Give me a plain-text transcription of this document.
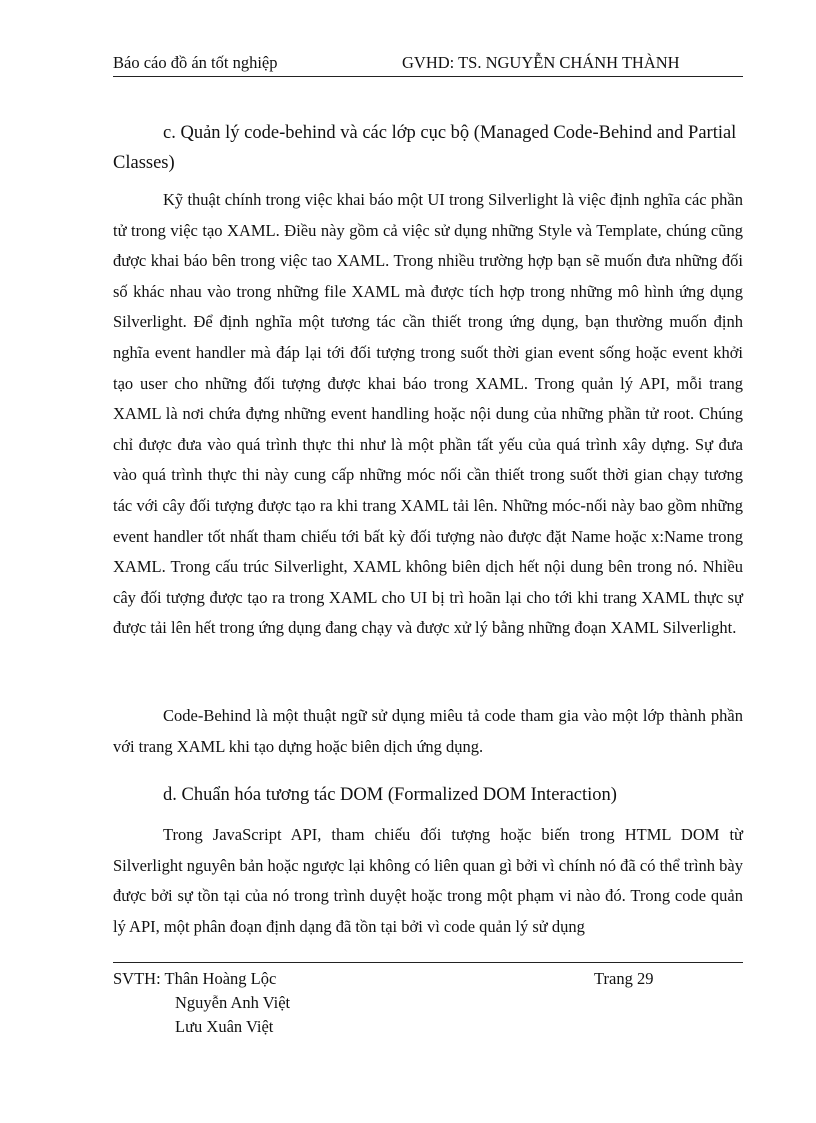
Báo cáo đồ án tốt nghiệp	GVHD: TS. NGUYỄN CHÁNH THÀNH
c. Quản lý code-behind và các lớp cục bộ (Managed Code-Behind and Partial
Classes)

Kỹ thuật chính trong việc khai báo một UI trong Silverlight là việc định nghĩa các phần tử trong việc tạo XAML. Điều này gồm cả việc sử dụng những Style và Template, chúng cũng được khai báo bên trong việc tao XAML. Trong nhiều trường hợp bạn sẽ muốn đưa những đối số khác nhau vào trong những file XAML mà được tích hợp trong những mô hình ứng dụng Silverlight. Để định nghĩa một tương tác cần thiết trong ứng dụng, bạn thường muốn định nghĩa event handler mà đáp lại tới đối tượng trong suốt thời gian event sống hoặc event khởi tạo user cho những đối tượng được khai báo trong XAML. Trong quản lý API, mỗi trang XAML là nơi chứa đựng những event handling hoặc nội dung của những phần tử root. Chúng chỉ được đưa vào quá trình thực thi như là một phần tất yếu của quá trình xây dựng. Sự đưa vào quá trình thực thi này cung cấp những móc nối cần thiết trong suốt thời gian chạy tương tác với cây đối tượng được tạo ra khi trang XAML tải lên. Những móc-nối này bao gồm những event handler tốt nhất tham chiếu tới bất kỳ đối tượng nào được đặt Name hoặc x:Name trong XAML. Trong cấu trúc Silverlight, XAML không biên dịch hết nội dung bên trong nó. Nhiều cây đối tượng được tạo ra trong XAML cho UI bị trì hoãn lại cho tới khi trang XAML thực sự được tải lên hết trong ứng dụng đang chạy và được xử lý bằng những đoạn XAML Silverlight.

Code-Behind là một thuật ngữ sử dụng miêu tả code tham gia vào một lớp thành phần với trang XAML khi tạo dựng hoặc biên dịch ứng dụng.

d. Chuẩn hóa tương tác DOM (Formalized DOM Interaction)

Trong JavaScript API, tham chiếu đối tượng hoặc biến trong HTML DOM từ Silverlight nguyên bản hoặc ngược lại không có liên quan gì bởi vì chính nó đã có thể trình bày được bởi sự tồn tại của nó trong trình duyệt hoặc trong một phạm vi nào đó. Trong code quản lý API, một phân đoạn định dạng đã tồn tại bởi vì code quản lý sử dụng

SVTH: Thân Hoàng Lộc
Nguyễn Anh Việt
Lưu Xuân Việt
Trang 29
